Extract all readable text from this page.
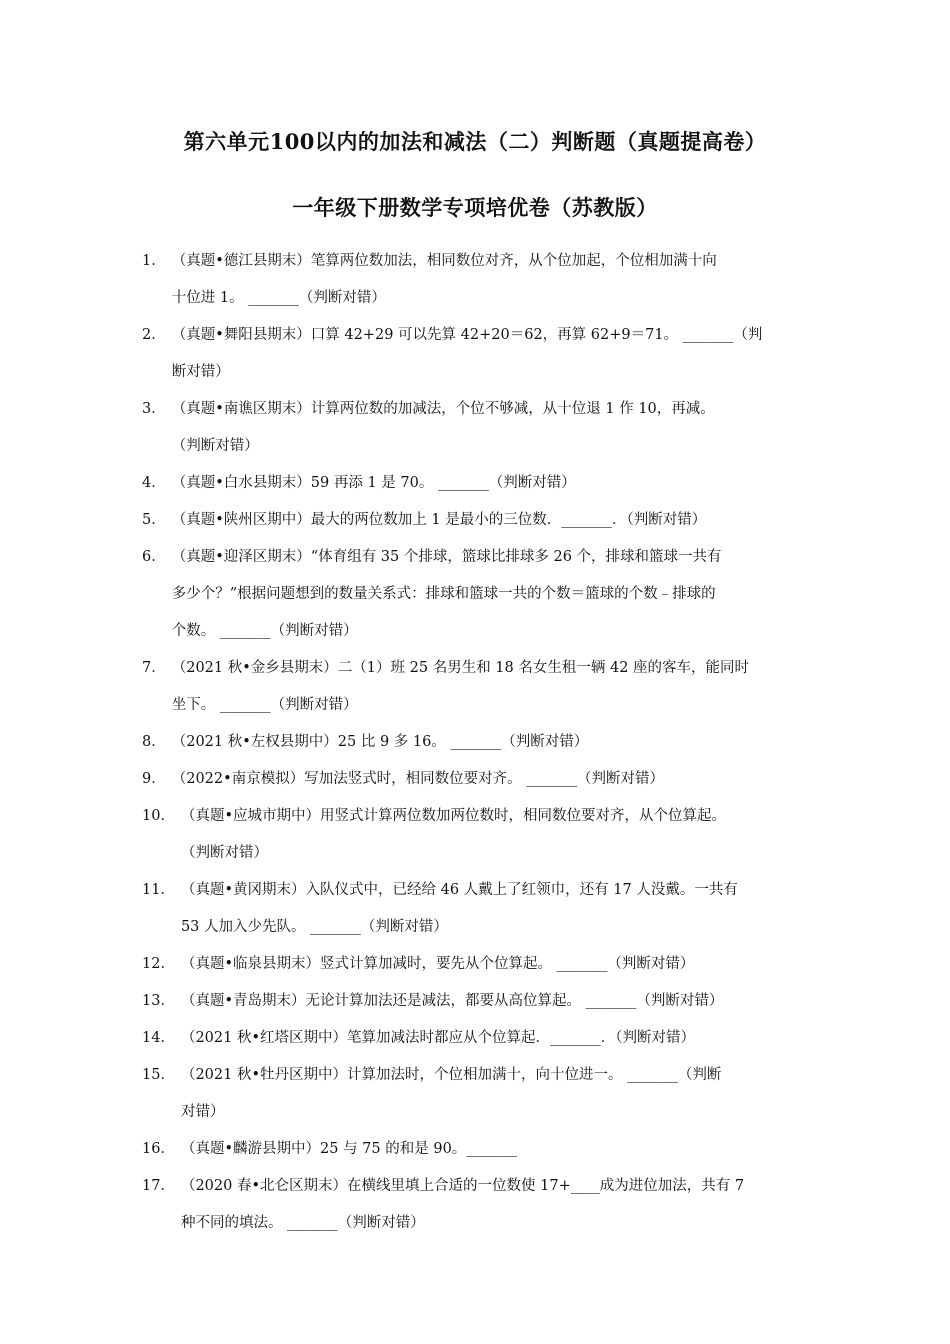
第六单元100以内的加法和减法（二）判断题（真题提高卷）
一年级下册数学专项培优卷（苏教版）
1． （真题•德江县期末）笔算两位数加法，相同数位对齐，从个位加起，个位相加满十向
十位进 1。 _______（判断对错）
2． （真题•舞阳县期末）口算 42+29 可以先算 42+20＝62，再算 62+9＝71。 _______（判
断对错）
3． （真题•南谯区期末）计算两位数的加减法，个位不够减，从十位退 1 作 10，再减。
（判断对错）
4． （真题•白水县期末）59 再添 1 是 70。 _______（判断对错）
5． （真题•陕州区期中）最大的两位数加上 1 是最小的三位数．_______．（判断对错）
6． （真题•迎泽区期末）“体育组有 35 个排球，篮球比排球多 26 个，排球和篮球一共有
多少个？”根据问题想到的数量关系式：排球和篮球一共的个数＝篮球的个数﹣排球的
个数。 _______（判断对错）
7． （2021 秋•金乡县期末）二（1）班 25 名男生和 18 名女生租一辆 42 座的客车，能同时
坐下。 _______（判断对错）
8． （2021 秋•左权县期中）25 比 9 多 16。 _______（判断对错）
9． （2022•南京模拟）写加法竖式时，相同数位要对齐。 _______（判断对错）
10． （真题•应城市期中）用竖式计算两位数加两位数时，相同数位要对齐，从个位算起。
（判断对错）
11． （真题•黄冈期末）入队仪式中，已经给 46 人戴上了红领巾，还有 17 人没戴。一共有
53 人加入少先队。 _______（判断对错）
12． （真题•临泉县期末）竖式计算加减时，要先从个位算起。 _______（判断对错）
13． （真题•青岛期末）无论计算加法还是减法，都要从高位算起。 _______（判断对错）
14． （2021 秋•红塔区期中）笔算加减法时都应从个位算起．_______．（判断对错）
15． （2021 秋•牡丹区期中）计算加法时，个位相加满十，向十位进一。 _______（判断
对错）
16． （真题•麟游县期中）25 与 75 的和是 90。_______
17． （2020 春•北仑区期末）在横线里填上合适的一位数使 17+____成为进位加法，共有 7
种不同的填法。 _______（判断对错）
